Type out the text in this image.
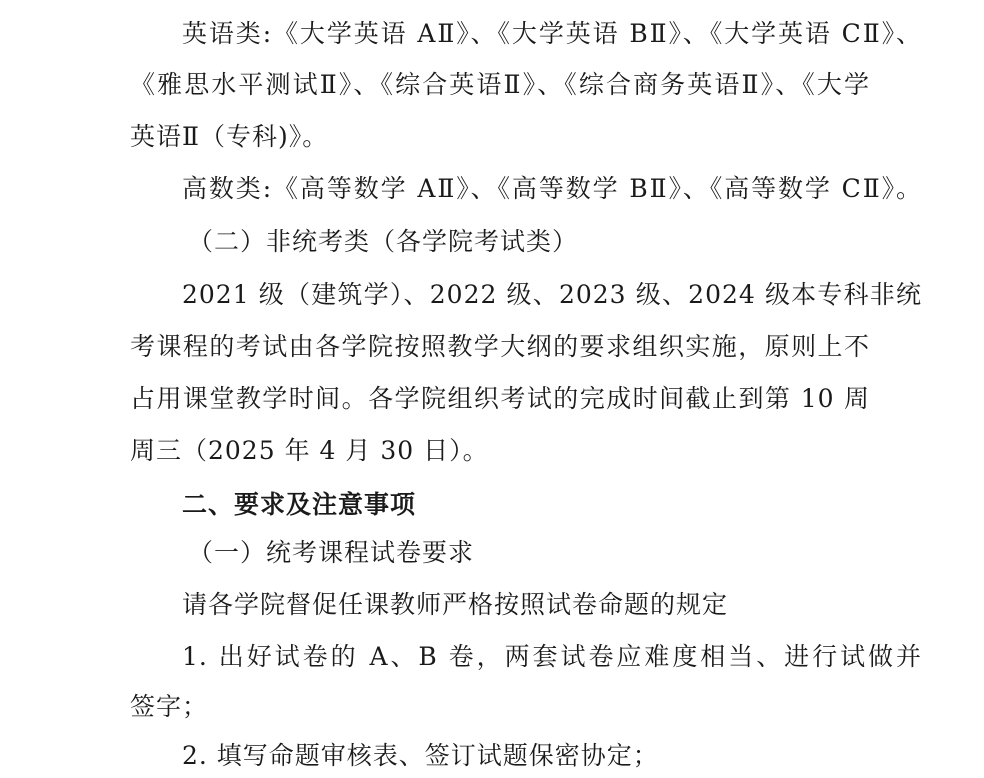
英语类:《大学英语 AⅡ》、《大学英语 BⅡ》、《大学英语 CⅡ》、
《雅思水平测试Ⅱ》、《综合英语Ⅱ》、《综合商务英语Ⅱ》、《大学
英语Ⅱ（专科)》。
高数类:《高等数学 AⅡ》、《高等数学 BⅡ》、《高等数学 CⅡ》。
（二）非统考类（各学院考试类）
2021 级（建筑学）、2022 级、2023 级、2024 级本专科非统
考课程的考试由各学院按照教学大纲的要求组织实施，原则上不
占用课堂教学时间。各学院组织考试的完成时间截止到第 10 周
周三（2025 年 4 月 30 日）。
二、要求及注意事项
（一）统考课程试卷要求
请各学院督促任课教师严格按照试卷命题的规定
1. 出好试卷的 A、B 卷，两套试卷应难度相当、进行试做并
签字；
2. 填写命题审核表、签订试题保密协定；
